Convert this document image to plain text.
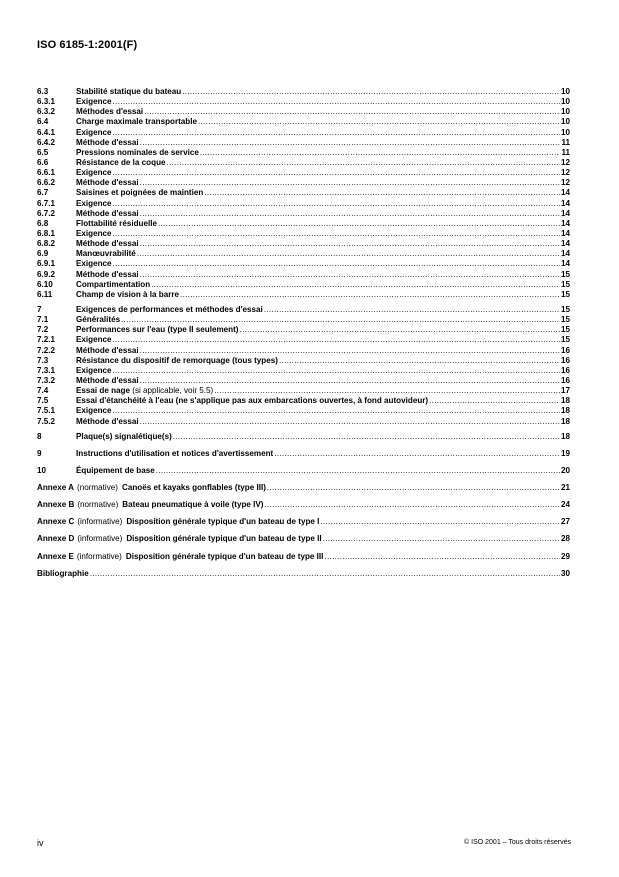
ISO 6185-1:2001(F)
6.3	Stabilité statique du bateau .....	10
6.3.1	Exigence .....	10
6.3.2	Méthodes d'essai .....	10
6.4	Charge maximale transportable .....	10
6.4.1	Exigence .....	10
6.4.2	Méthode d'essai .....	11
6.5	Pressions nominales de service .....	11
6.6	Résistance de la coque .....	12
6.6.1	Exigence .....	12
6.6.2	Méthode d'essai .....	12
6.7	Saisines et poignées de maintien .....	14
6.7.1	Exigence .....	14
6.7.2	Méthode d'essai .....	14
6.8	Flottabilité résiduelle .....	14
6.8.1	Exigence .....	14
6.8.2	Méthode d'essai .....	14
6.9	Manœuvrabilité .....	14
6.9.1	Exigence .....	14
6.9.2	Méthode d'essai .....	15
6.10	Compartimentation .....	15
6.11	Champ de vision à la barre .....	15
7	Exigences de performances et méthodes d'essai .....	15
7.1	Généralités .....	15
7.2	Performances sur l'eau (type II seulement) .....	15
7.2.1	Exigence .....	15
7.2.2	Méthode d'essai .....	16
7.3	Résistance du dispositif de remorquage (tous types) .....	16
7.3.1	Exigence .....	16
7.3.2	Méthode d'essai .....	16
7.4	Essai de nage (si applicable, voir 5.5) .....	17
7.5	Essai d'étanchéité à l'eau (ne s'applique pas aux embarcations ouvertes, à fond autovideur) .....	18
7.5.1	Exigence .....	18
7.5.2	Méthode d'essai .....	18
8	Plaque(s) signalétique(s) .....	18
9	Instructions d'utilisation et notices d'avertissement .....	19
10	Équipement de base .....	20
Annexe A (normative) Canoës et kayaks gonflables (type III) .....	21
Annexe B (normative) Bateau pneumatique à voile (type IV) .....	24
Annexe C (informative) Disposition générale typique d'un bateau de type I .....	27
Annexe D (informative) Disposition générale typique d'un bateau de type II .....	28
Annexe E (informative) Disposition générale typique d'un bateau de type III .....	29
Bibliographie .....	30
iv	© ISO 2001 – Tous droits réservés
